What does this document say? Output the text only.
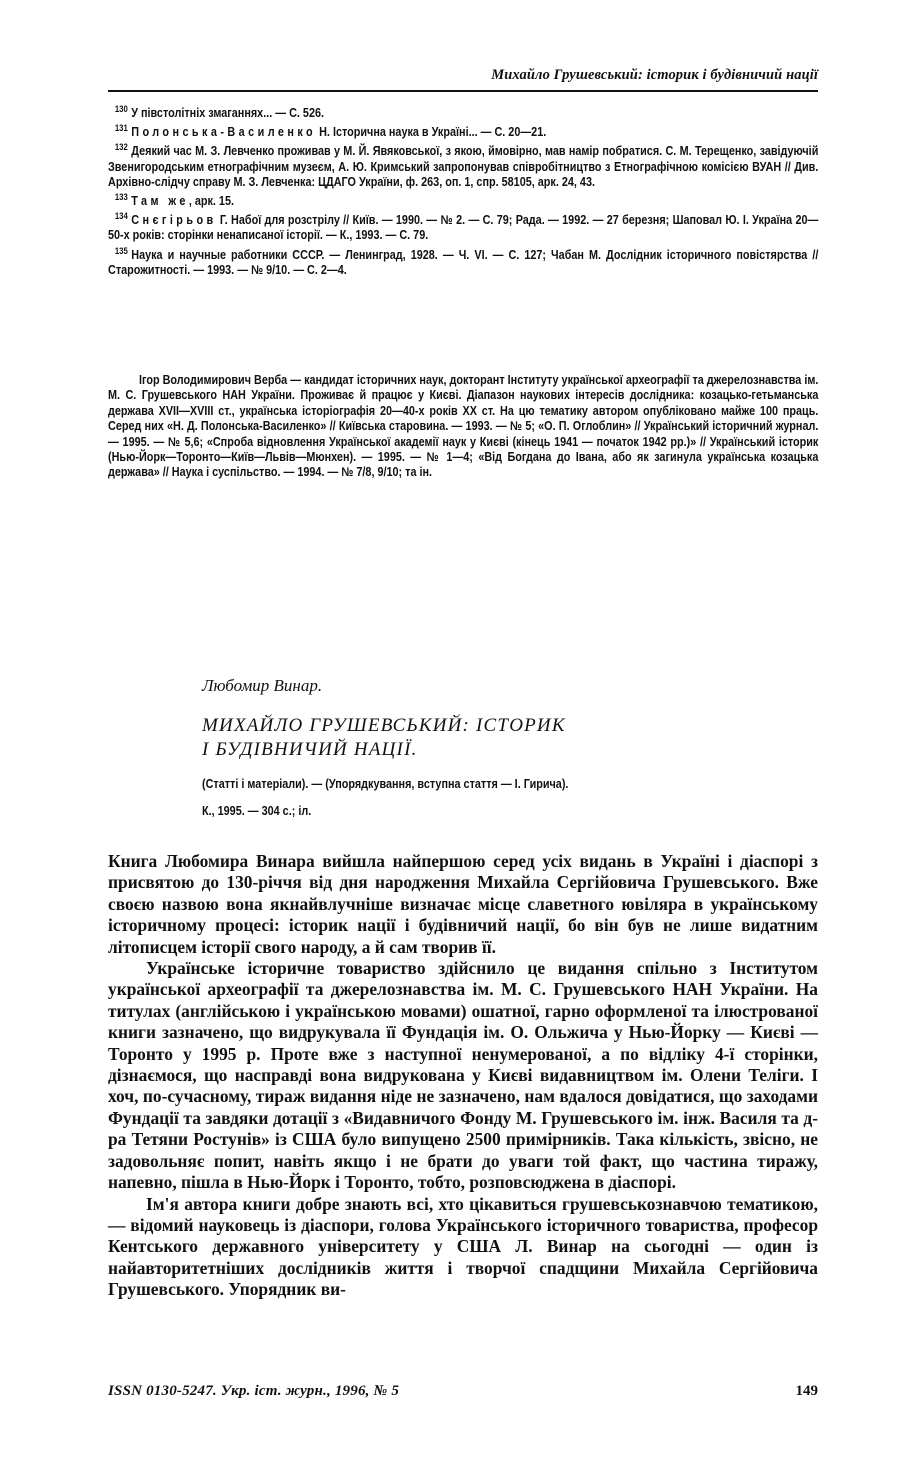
Михайло Грушевський: історик і будівничий нації

$^{130}$ У півстолітніх змаганнях... — С. 526.

$^{131}$ Полонська-Василенко Н. Історична наука в Україні... — С. 20—21.

$^{132}$ Деякий час М. З. Левченко проживав у М. Й. Явяковської, з якою, ймовірно, мав намір побратися. С. М. Терещенко, завідуючій Звенигородським етнографічним музеєм, А. Ю. Кримський запропонував співробітництво з Етнографічною комісією ВУАН // Див. Архівно-слідчу справу М. З. Левченка: ЦДАГО України, ф. 263, оп. 1, спр. 58105, арк. 24, 43.

$^{133}$ Там же, арк. 15.

$^{134}$ Снєгірьов Г. Набої для розстрілу // Київ. — 1990. — № 2. — С. 79; Рада. — 1992. — 27 березня; Шаповал Ю. І. Україна 20—50-х років: сторінки ненаписаної історії. — К., 1993. — С. 79.

$^{135}$ Наука и научные работники СССР. — Ленинград, 1928. — Ч. VI. — С. 127; Чабан М. Дослідник історичного повістярства // Старожитності. — 1993. — № 9/10. — С. 2—4.

Ігор Володимирович Верба — кандидат історичних наук, докторант Інституту української археографії та джерелознавства ім. М. С. Грушевського НАН України. Проживає й працює у Києві. Діапазон наукових інтересів дослідника: козацько-гетьманська держава XVII—XVIII ст., українська історіографія 20—40-х років XX ст. На цю тематику автором опубліковано майже 100 праць. Серед них «Н. Д. Полонська-Василенко» // Київська старовина. — 1993. — № 5; «О. П. Оглоблин» // Український історичний журнал. — 1995. — № 5,6; «Спроба відновлення Української академії наук у Києві (кінець 1941 — початок 1942 рр.)» // Український історик (Нью-Йорк—Торонто—Київ—Львів—Мюнхен). — 1995. — № 1—4; «Від Богдана до Івана, або як загинула українська козацька держава» // Наука і суспільство. — 1994. — № 7/8, 9/10; та ін.

Любомир Винар.
МИХАЙЛО ГРУШЕВСЬКИЙ: ІСТОРИК
І БУДІВНИЧИЙ НАЦІЇ.
(Статті і матеріали). — (Упорядкування, вступна стаття — І. Гирича).
К., 1995. — 304 с.; іл.

Книга Любомира Винара вийшла найпершою серед усіх видань в Україні і діаспорі з присвятою до 130-річчя від дня народження Михайла Сергійовича Грушевського. Вже своєю назвою вона якнайвлучніше визначає місце славетного ювіляра в українському історичному процесі: історик нації і будівничий нації, бо він був не лише видатним літописцем історії свого народу, а й сам творив її.

Українське історичне товариство здійснило це видання спільно з Інститутом української археографії та джерелознавства ім. М. С. Грушевського НАН України. На титулах (англійською і українською мовами) ошатної, гарно оформленої та ілюстрованої книги зазначено, що видрукувала її Фундація ім. О. Ольжича у Нью-Йорку — Києві — Торонто у 1995 р. Проте вже з наступної ненумерованої, а по відліку 4-ї сторінки, дізнаємося, що насправді вона видрукована у Києві видавництвом ім. Олени Теліги. І хоч, по-сучасному, тираж видання ніде не зазначено, нам вдалося довідатися, що заходами Фундації та завдяки дотації з «Видавничого Фонду М. Грушевського ім. інж. Василя та д-ра Тетяни Ростунів» із США було випущено 2500 примірників. Така кількість, звісно, не задовольняє попит, навіть якщо і не брати до уваги той факт, що частина тиражу, напевно, пішла в Нью-Йорк і Торонто, тобто, розповсюджена в діаспорі.

Ім'я автора книги добре знають всі, хто цікавиться грушевськознавчою тематикою, — відомий науковець із діаспори, голова Українського історичного товариства, професор Кентського державного університету у США Л. Винар на сьогодні — один із найавторитетніших дослідників життя і творчої спадщини Михайла Сергійовича Грушевського. Упорядник ви-

ISSN 0130-5247. Укр. іст. журн., 1996, № 5	149
